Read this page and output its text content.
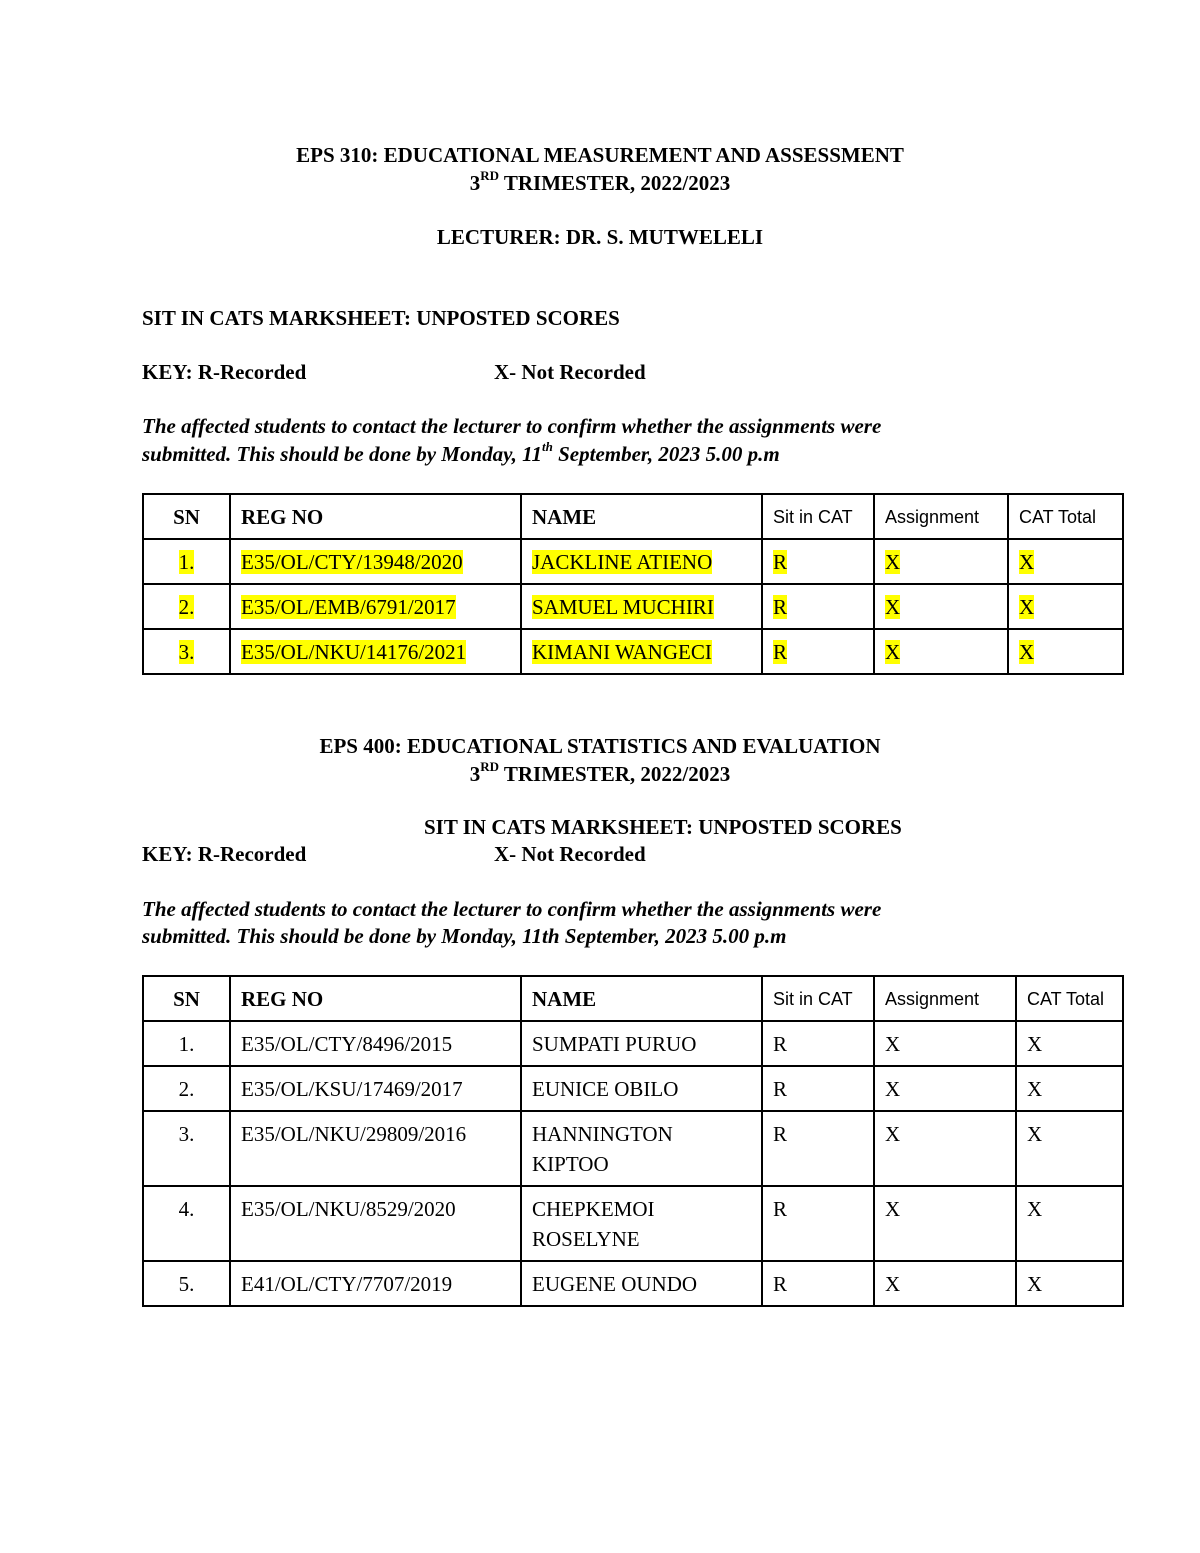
EPS 310: EDUCATIONAL MEASUREMENT AND ASSESSMENT
3RD TRIMESTER, 2022/2023
LECTURER: DR. S. MUTWELELI
SIT IN CATS MARKSHEET: UNPOSTED SCORES
KEY: R-Recorded	X- Not Recorded
The affected students to contact the lecturer to confirm whether the assignments were
submitted. This should be done by Monday, 11th September, 2023 5.00 p.m
SN	REG NO	NAME	Sit in CAT	Assignment	CAT Total
1.	E35/OL/CTY/13948/2020	JACKLINE ATIENO	R	X	X
2.	E35/OL/EMB/6791/2017	SAMUEL MUCHIRI	R	X	X
3.	E35/OL/NKU/14176/2021	KIMANI WANGECI	R	X	X
EPS 400: EDUCATIONAL STATISTICS AND EVALUATION
3RD TRIMESTER, 2022/2023
SIT IN CATS MARKSHEET: UNPOSTED SCORES
KEY: R-Recorded	X- Not Recorded
The affected students to contact the lecturer to confirm whether the assignments were
submitted. This should be done by Monday, 11th September, 2023 5.00 p.m
SN	REG NO	NAME	Sit in CAT	Assignment	CAT Total
1.	E35/OL/CTY/8496/2015	SUMPATI PURUO	R	X	X
2.	E35/OL/KSU/17469/2017	EUNICE OBILO	R	X	X
3.	E35/OL/NKU/29809/2016	HANNINGTON KIPTOO	R	X	X
4.	E35/OL/NKU/8529/2020	CHEPKEMOI ROSELYNE	R	X	X
5.	E41/OL/CTY/7707/2019	EUGENE OUNDO	R	X	X
